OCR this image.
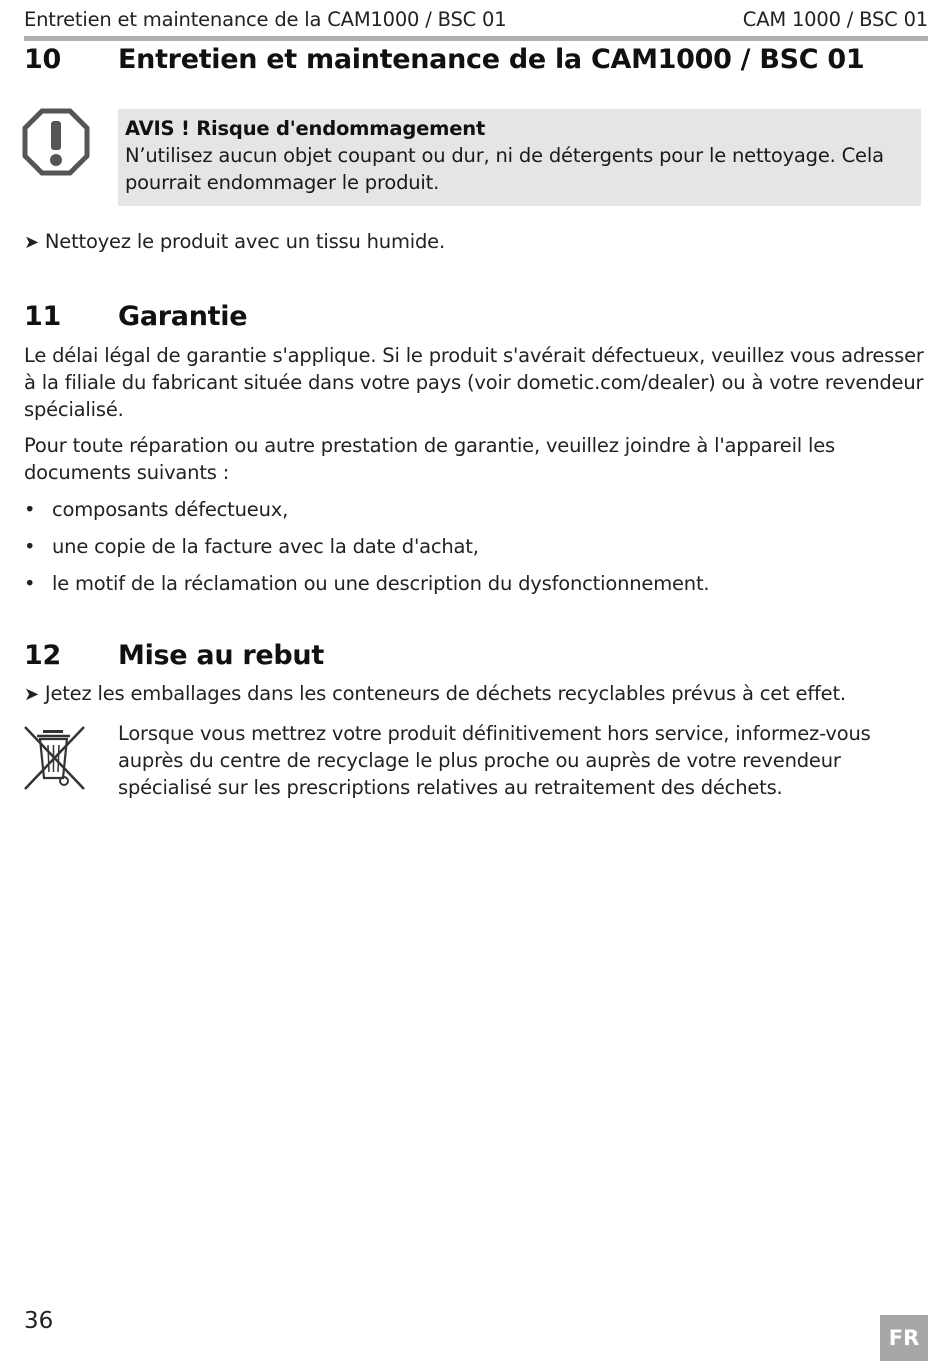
Entretien et maintenance de la CAM1000 / BSC 01	CAM 1000 / BSC 01
10	Entretien et maintenance de la CAM1000 / BSC 01
AVIS ! Risque d'endommagement
N’utilisez aucun objet coupant ou dur, ni de détergents pour le nettoyage. Cela pourrait endommager le produit.
➤ Nettoyez le produit avec un tissu humide.
11	Garantie
Le délai légal de garantie s'applique. Si le produit s'avérait défectueux, veuillez vous adresser à la filiale du fabricant située dans votre pays (voir dometic.com/dealer) ou à votre revendeur spécialisé.
Pour toute réparation ou autre prestation de garantie, veuillez joindre à l'appareil les documents suivants :
• composants défectueux,
• une copie de la facture avec la date d'achat,
• le motif de la réclamation ou une description du dysfonctionnement.
12	Mise au rebut
➤ Jetez les emballages dans les conteneurs de déchets recyclables prévus à cet effet.
Lorsque vous mettrez votre produit définitivement hors service, informez-vous auprès du centre de recyclage le plus proche ou auprès de votre revendeur spécialisé sur les prescriptions relatives au retraitement des déchets.
36
FR
